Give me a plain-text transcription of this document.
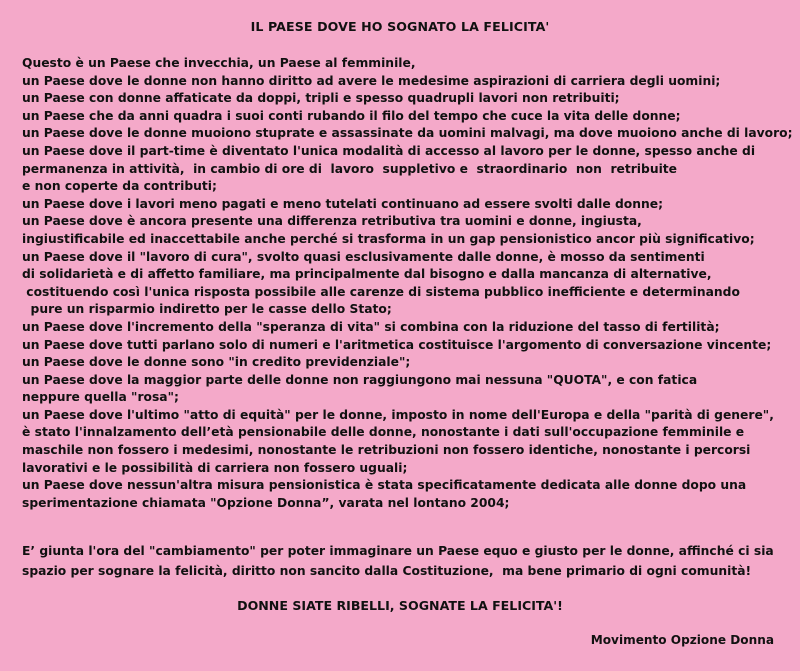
IL PAESE DOVE HO SOGNATO LA FELICITA'
Questo è un Paese che invecchia, un Paese al femminile,
un Paese dove le donne non hanno diritto ad avere le medesime aspirazioni di carriera degli uomini;
un Paese con donne affaticate da doppi, tripli e spesso quadrupli lavori non retribuiti;
un Paese che da anni quadra i suoi conti rubando il filo del tempo che cuce la vita delle donne;
un Paese dove le donne muoiono stuprate e assassinate da uomini malvagi, ma dove muoiono anche di lavoro;
un Paese dove il part-time è diventato l'unica modalità di accesso al lavoro per le donne, spesso anche di
permanenza in attività,  in cambio di ore di  lavoro  suppletivo e  straordinario  non  retribuite
e non coperte da contributi;
un Paese dove i lavori meno pagati e meno tutelati continuano ad essere svolti dalle donne;
un Paese dove è ancora presente una differenza retributiva tra uomini e donne, ingiusta,
ingiustificabile ed inaccettabile anche perché si trasforma in un gap pensionistico ancor più significativo;
un Paese dove il "lavoro di cura", svolto quasi esclusivamente dalle donne, è mosso da sentimenti
di solidarietà e di affetto familiare, ma principalmente dal bisogno e dalla mancanza di alternative,
costituendo così l'unica risposta possibile alle carenze di sistema pubblico inefficiente e determinando
pure un risparmio indiretto per le casse dello Stato;
un Paese dove l'incremento della "speranza di vita" si combina con la riduzione del tasso di fertilità;
un Paese dove tutti parlano solo di numeri e l'aritmetica costituisce l'argomento di conversazione vincente;
un Paese dove le donne sono "in credito previdenziale";
un Paese dove la maggior parte delle donne non raggiungono mai nessuna "QUOTA", e con fatica
neppure quella "rosa";
un Paese dove l'ultimo "atto di equità" per le donne, imposto in nome dell'Europa e della "parità di genere",
è stato l'innalzamento dell’età pensionabile delle donne, nonostante i dati sull'occupazione femminile e
maschile non fossero i medesimi, nonostante le retribuzioni non fossero identiche, nonostante i percorsi
lavorativi e le possibilità di carriera non fossero uguali;
un Paese dove nessun'altra misura pensionistica è stata specificatamente dedicata alle donne dopo una
sperimentazione chiamata "Opzione Donna”, varata nel lontano 2004;
E’ giunta l'ora del "cambiamento" per poter immaginare un Paese equo e giusto per le donne, affinché ci sia
spazio per sognare la felicità, diritto non sancito dalla Costituzione,  ma bene primario di ogni comunità!
DONNE SIATE RIBELLI, SOGNATE LA FELICITA'!
Movimento Opzione Donna
